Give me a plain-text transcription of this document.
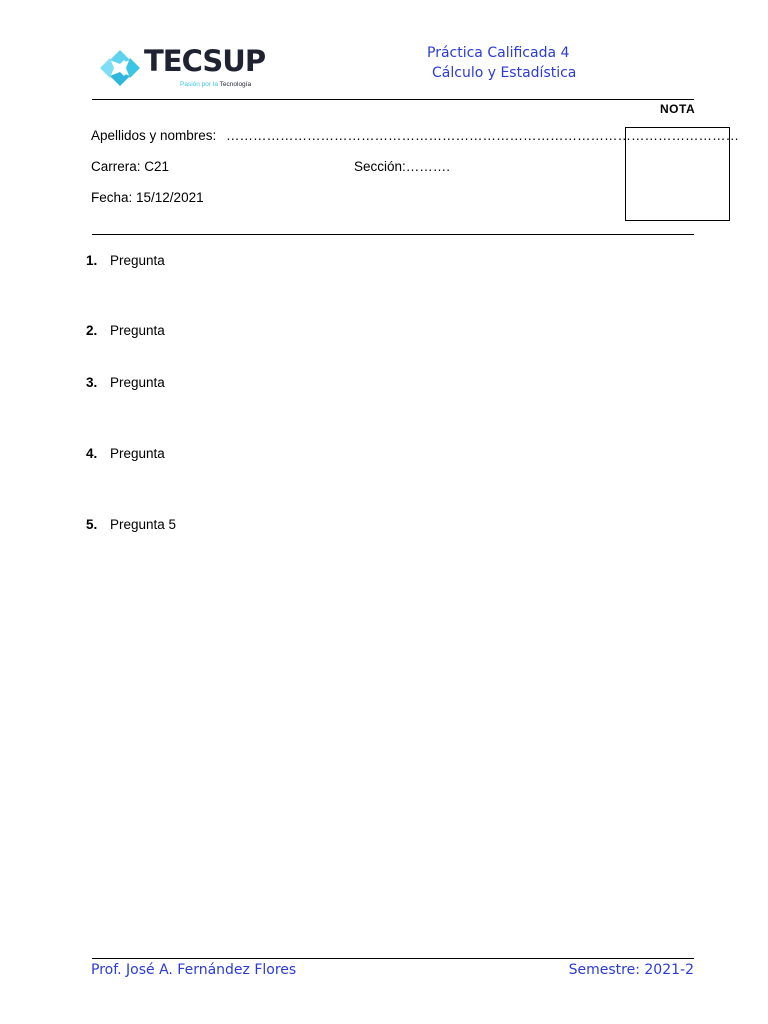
TECSUP
Pasión por la Tecnología
Práctica Calificada 4
Cálculo y Estadística
NOTA
Apellidos y nombres: ……………………………………………………………………………………………………
Carrera: C21	Sección:……….
Fecha: 15/12/2021
1. Pregunta
2. Pregunta
3. Pregunta
4. Pregunta
5. Pregunta 5
Prof. José A. Fernández Flores	Semestre: 2021-2
